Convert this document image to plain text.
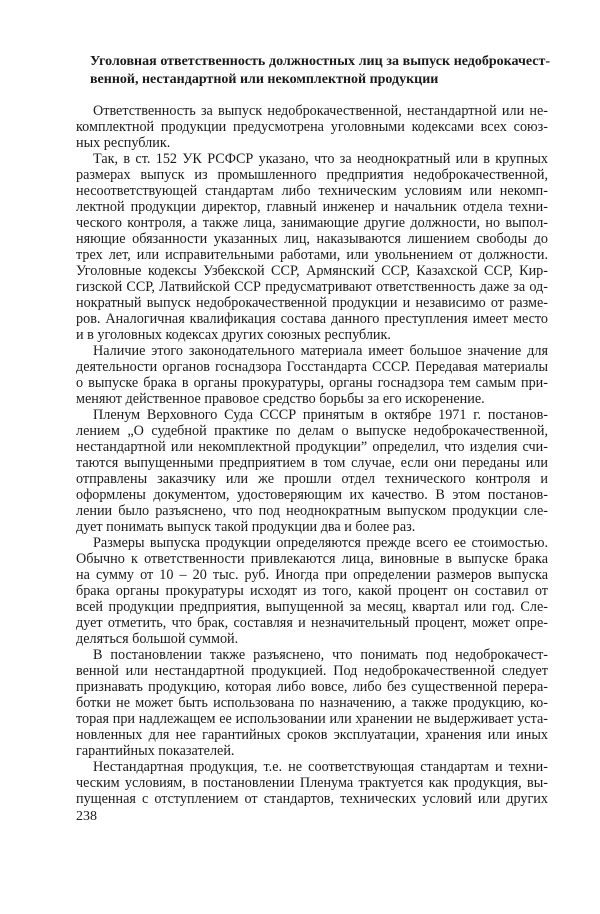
Уголовная ответственность должностных лиц за выпуск недоброкачест-
венной, нестандартной или некомплектной продукции
Ответственность за выпуск недоброкачественной, нестандартной или не-
комплектной продукции предусмотрена уголовными кодексами всех союз-
ных республик.
Так, в ст. 152 УК РСФСР указано, что за неоднократный или в крупных
размерах выпуск из промышленного предприятия недоброкачественной,
несоответствующей стандартам либо техническим условиям или некомп-
лектной продукции директор, главный инженер и начальник отдела техни-
ческого контроля, а также лица, занимающие другие должности, но выпол-
няющие обязанности указанных лиц, наказываются лишением свободы до
трех лет, или исправительными работами, или увольнением от должности.
Уголовные кодексы Узбекской ССР, Армянский ССР, Казахской ССР, Кир-
гизской ССР, Латвийской ССР предусматривают ответственность даже за од-
нократный выпуск недоброкачественной продукции и независимо от разме-
ров. Аналогичная квалификация состава данного преступления имеет место
и в уголовных кодексах других союзных республик.
Наличие этого законодательного материала имеет большое значение для
деятельности органов госнадзора Госстандарта СССР. Передавая материалы
о выпуске брака в органы прокуратуры, органы госнадзора тем самым при-
меняют действенное правовое средство борьбы за его искоренение.
Пленум Верховного Суда СССР принятым в октябре 1971 г. постанов-
лением „О судебной практике по делам о выпуске недоброкачественной,
нестандартной или некомплектной продукции” определил, что изделия счи-
таются выпущенными предприятием в том случае, если они переданы или
отправлены заказчику или же прошли отдел технического контроля и
оформлены документом, удостоверяющим их качество. В этом постанов-
лении было разъяснено, что под неоднократным выпуском продукции сле-
дует понимать выпуск такой продукции два и более раз.
Размеры выпуска продукции определяются прежде всего ее стоимостью.
Обычно к ответственности привлекаются лица, виновные в выпуске брака
на сумму от 10 – 20 тыс. руб. Иногда при определении размеров выпуска
брака органы прокуратуры исходят из того, какой процент он составил от
всей продукции предприятия, выпущенной за месяц, квартал или год. Сле-
дует отметить, что брак, составляя и незначительный процент, может опре-
деляться большой суммой.
В постановлении также разъяснено, что понимать под недоброкачест-
венной или нестандартной продукцией. Под недоброкачественной следует
признавать продукцию, которая либо вовсе, либо без существенной перера-
ботки не может быть использована по назначению, а также продукцию, ко-
торая при надлежащем ее использовании или хранении не выдерживает уста-
новленных для нее гарантийных сроков эксплуатации, хранения или иных
гарантийных показателей.
Нестандартная продукция, т.е. не соответствующая стандартам и техни-
ческим условиям, в постановлении Пленума трактуется как продукция, вы-
пущенная с отступлением от стандартов, технических условий или других
238
